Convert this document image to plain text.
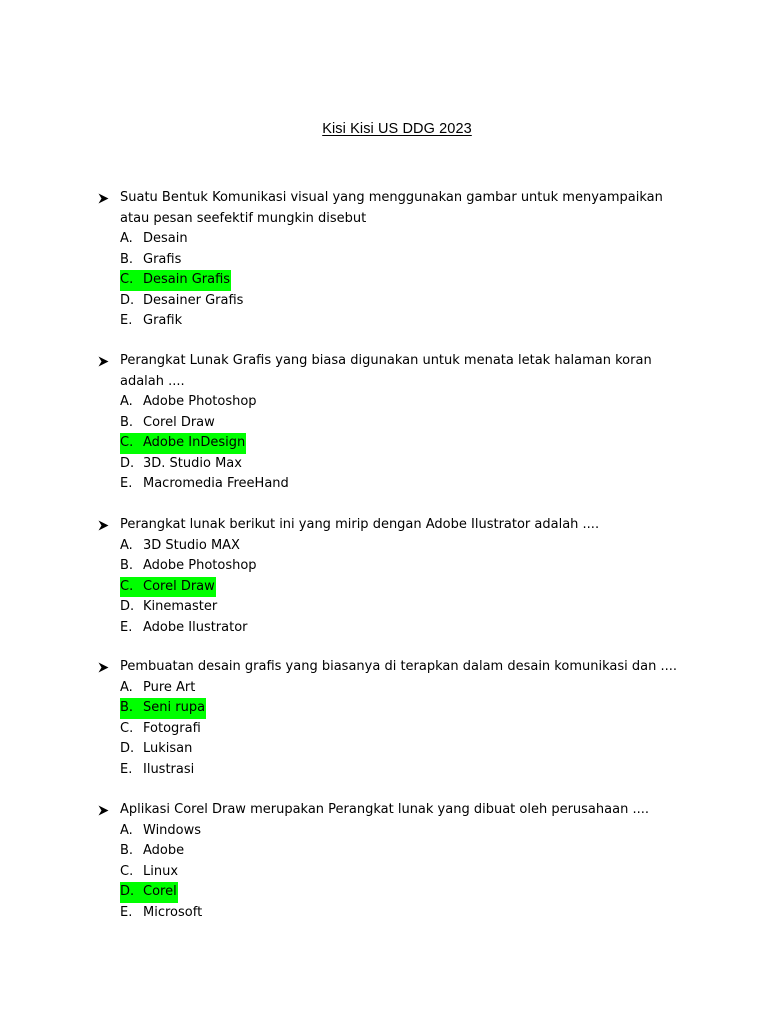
Kisi Kisi US DDG 2023
Suatu Bentuk Komunikasi visual yang menggunakan gambar untuk menyampaikan atau pesan seefektif mungkin disebut
A. Desain
B. Grafis
C. Desain Grafis
D. Desainer Grafis
E. Grafik
Perangkat Lunak Grafis yang biasa digunakan untuk menata letak halaman koran adalah ....
A. Adobe Photoshop
B. Corel Draw
C. Adobe InDesign
D. 3D. Studio Max
E. Macromedia FreeHand
Perangkat lunak berikut ini yang mirip dengan Adobe Ilustrator adalah ....
A. 3D Studio MAX
B. Adobe Photoshop
C. Corel Draw
D. Kinemaster
E. Adobe Ilustrator
Pembuatan desain grafis yang biasanya di terapkan dalam desain komunikasi dan ....
A. Pure Art
B. Seni rupa
C. Fotografi
D. Lukisan
E. Ilustrasi
Aplikasi Corel Draw merupakan Perangkat lunak yang dibuat oleh perusahaan ....
A. Windows
B. Adobe
C. Linux
D. Corel
E. Microsoft
